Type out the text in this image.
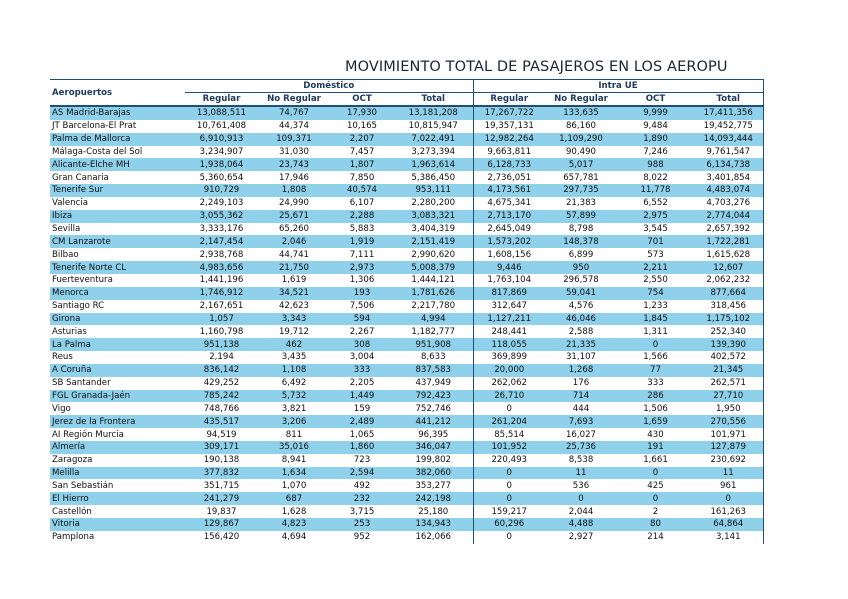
MOVIMIENTO TOTAL DE PASAJEROS EN LOS AEROPU
Aeropuertos	Doméstico				Intra UE			
	Regular	No Regular	OCT	Total	Regular	No Regular	OCT	Total
AS Madrid-Barajas	13,088,511	74,767	17,930	13,181,208	17,267,722	133,635	9,999	17,411,356
JT Barcelona-El Prat	10,761,408	44,374	10,165	10,815,947	19,357,131	86,160	9,484	19,452,775
Palma de Mallorca	6,910,913	109,371	2,207	7,022,491	12,982,264	1,109,290	1,890	14,093,444
Málaga-Costa del Sol	3,234,907	31,030	7,457	3,273,394	9,663,811	90,490	7,246	9,761,547
Alicante-Elche MH	1,938,064	23,743	1,807	1,963,614	6,128,733	5,017	988	6,134,738
Gran Canaria	5,360,654	17,946	7,850	5,386,450	2,736,051	657,781	8,022	3,401,854
Tenerife Sur	910,729	1,808	40,574	953,111	4,173,561	297,735	11,778	4,483,074
Valencia	2,249,103	24,990	6,107	2,280,200	4,675,341	21,383	6,552	4,703,276
Ibiza	3,055,362	25,671	2,288	3,083,321	2,713,170	57,899	2,975	2,774,044
Sevilla	3,333,176	65,260	5,883	3,404,319	2,645,049	8,798	3,545	2,657,392
CM Lanzarote	2,147,454	2,046	1,919	2,151,419	1,573,202	148,378	701	1,722,281
Bilbao	2,938,768	44,741	7,111	2,990,620	1,608,156	6,899	573	1,615,628
Tenerife Norte CL	4,983,656	21,750	2,973	5,008,379	9,446	950	2,211	12,607
Fuerteventura	1,441,196	1,619	1,306	1,444,121	1,763,104	296,578	2,550	2,062,232
Menorca	1,746,912	34,521	193	1,781,626	817,869	59,041	754	877,664
Santiago RC	2,167,651	42,623	7,506	2,217,780	312,647	4,576	1,233	318,456
Girona	1,057	3,343	594	4,994	1,127,211	46,046	1,845	1,175,102
Asturias	1,160,798	19,712	2,267	1,182,777	248,441	2,588	1,311	252,340
La Palma	951,138	462	308	951,908	118,055	21,335	0	139,390
Reus	2,194	3,435	3,004	8,633	369,899	31,107	1,566	402,572
A Coruña	836,142	1,108	333	837,583	20,000	1,268	77	21,345
SB Santander	429,252	6,492	2,205	437,949	262,062	176	333	262,571
FGL Granada-Jaén	785,242	5,732	1,449	792,423	26,710	714	286	27,710
Vigo	748,766	3,821	159	752,746	0	444	1,506	1,950
Jerez de la Frontera	435,517	3,206	2,489	441,212	261,204	7,693	1,659	270,556
AI Región Murcia	94,519	811	1,065	96,395	85,514	16,027	430	101,971
Almería	309,171	35,016	1,860	346,047	101,952	25,736	191	127,879
Zaragoza	190,138	8,941	723	199,802	220,493	8,538	1,661	230,692
Melilla	377,832	1,634	2,594	382,060	0	11	0	11
San Sebastián	351,715	1,070	492	353,277	0	536	425	961
El Hierro	241,279	687	232	242,198	0	0	0	0
Castellón	19,837	1,628	3,715	25,180	159,217	2,044	2	161,263
Vitoria	129,867	4,823	253	134,943	60,296	4,488	80	64,864
Pamplona	156,420	4,694	952	162,066	0	2,927	214	3,141
